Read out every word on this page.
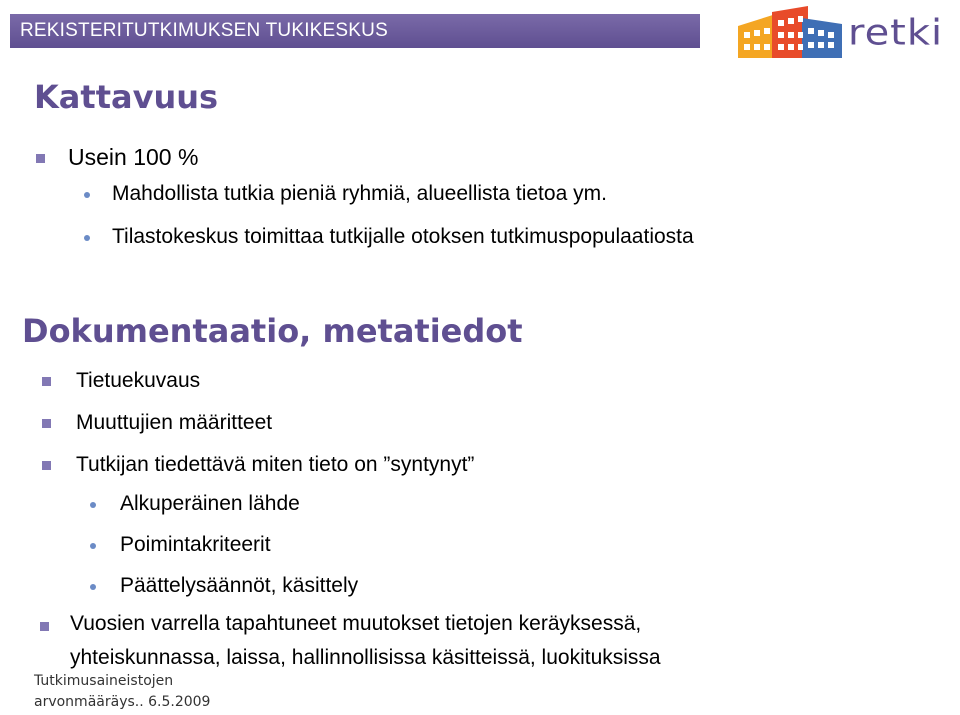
REKISTERITUTKIMUKSEN TUKIKESKUS	retki
Kattavuus
Usein 100 %
Mahdollista tutkia pieniä ryhmiä, alueellista tietoa ym.
Tilastokeskus toimittaa tutkijalle otoksen tutkimuspopulaatiosta
Dokumentaatio, metatiedot
Tietuekuvaus
Muuttujien määritteet
Tutkijan tiedettävä miten tieto on ”syntynyt”
Alkuperäinen lähde
Poimintakriteerit
Päättelysäännöt, käsittely
Vuosien varrella tapahtuneet muutokset tietojen keräyksessä,
yhteiskunnassa, laissa, hallinnollisissa käsitteissä, luokituksissa
Tutkimusaineistojen
arvonmääräys.. 6.5.2009
